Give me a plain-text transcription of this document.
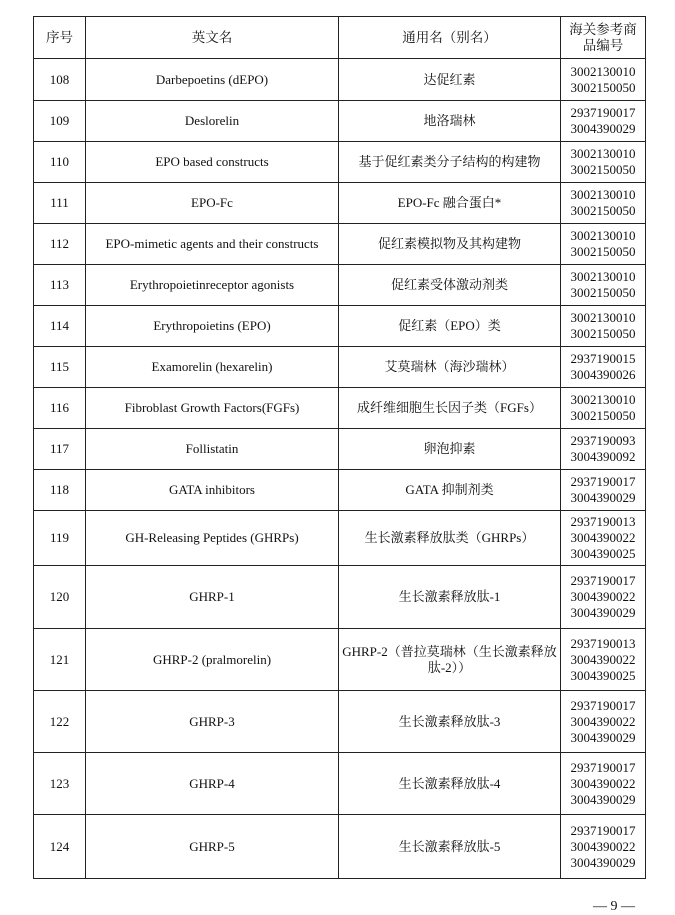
序号	英文名	通用名（别名）	海关参考商品编号
108	Darbepoetins (dEPO)	达促红素	3002130010
3002150050

109	Deslorelin	地洛瑞林	2937190017
3004390029

110	EPO based constructs	基于促红素类分子结构的构建物	3002130010
3002150050

111	EPO-Fc	EPO-Fc 融合蛋白*	3002130010
3002150050

112	EPO-mimetic agents and their constructs	促红素模拟物及其构建物	3002130010
3002150050

113	Erythropoietinreceptor agonists	促红素受体激动剂类	3002130010
3002150050

114	Erythropoietins (EPO)	促红素（EPO）类	3002130010
3002150050

115	Examorelin (hexarelin)	艾莫瑞林（海沙瑞林）	2937190015
3004390026

116	Fibroblast Growth Factors(FGFs)	成纤维细胞生长因子类（FGFs）	3002130010
3002150050

117	Follistatin	卵泡抑素	2937190093
3004390092

118	GATA inhibitors	GATA 抑制剂类	2937190017
3004390029

119	GH-Releasing Peptides (GHRPs)	生长激素释放肽类（GHRPs）	2937190013
3004390022
3004390025

120	GHRP-1	生长激素释放肽-1	2937190017
3004390022
3004390029

121	GHRP-2 (pralmorelin)	GHRP-2（普拉莫瑞林（生长激素释放肽-2））	2937190013
3004390022
3004390025

122	GHRP-3	生长激素释放肽-3	2937190017
3004390022
3004390029

123	GHRP-4	生长激素释放肽-4	2937190017
3004390022
3004390029

124	GHRP-5	生长激素释放肽-5	2937190017
3004390022
3004390029
— 9 —
